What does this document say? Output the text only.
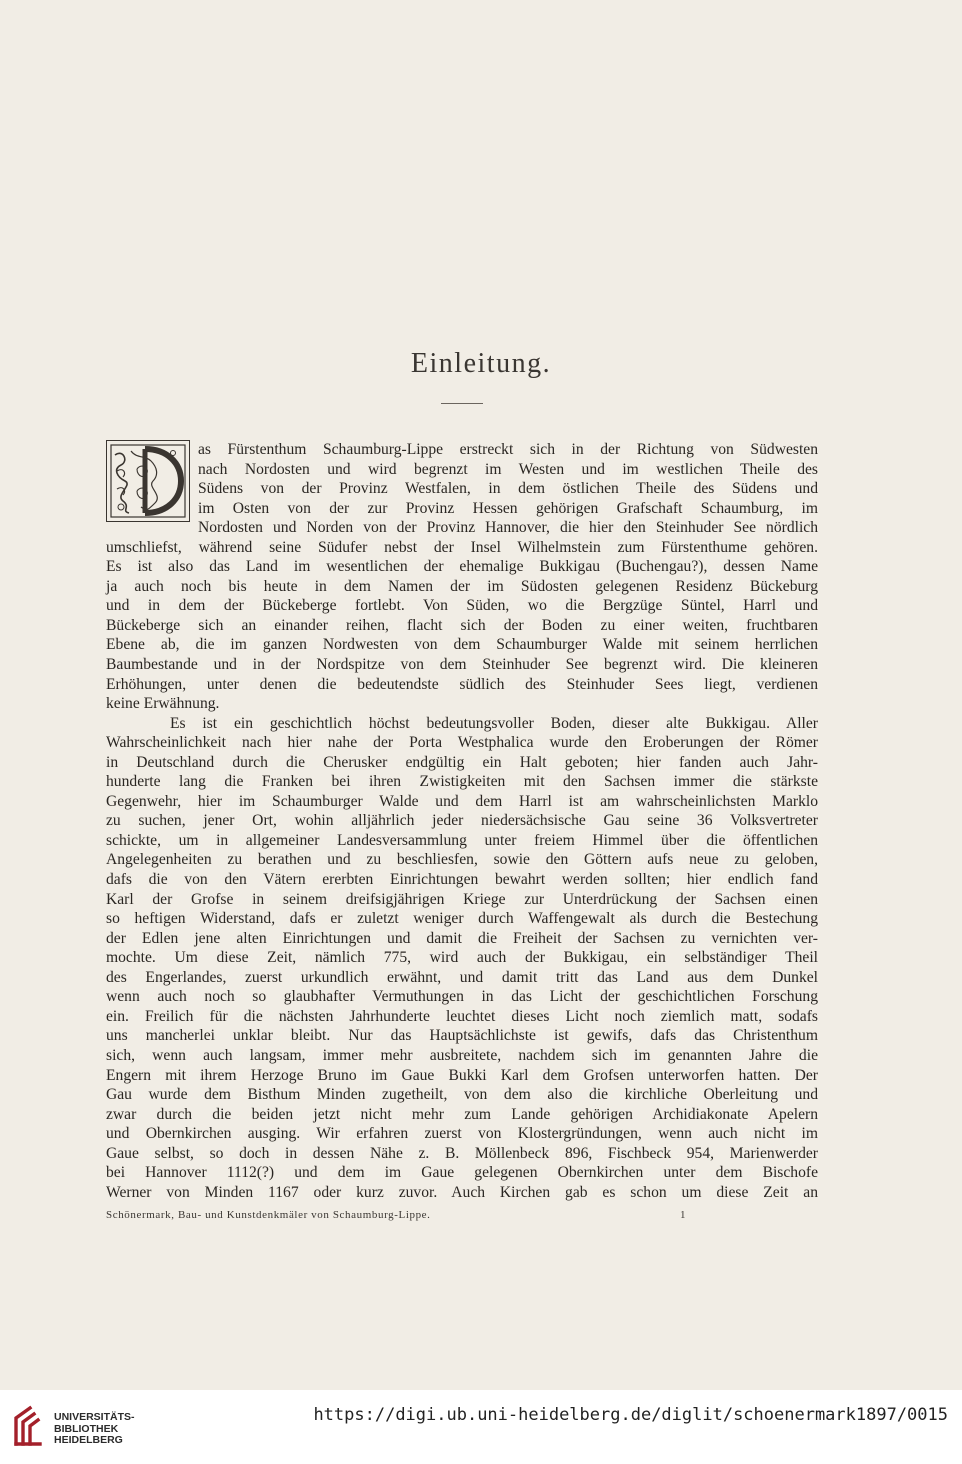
Einleitung.
as Fürstenthum Schaumburg-Lippe erstreckt sich in der Richtung von Südwesten
nach Nordosten und wird begrenzt im Westen und im westlichen Theile des
Südens von der Provinz Westfalen, in dem östlichen Theile des Südens und
im Osten von der zur Provinz Hessen gehörigen Grafschaft Schaumburg, im
Nordosten und Norden von der Provinz Hannover, die hier den Steinhuder See nördlich
umschliefst, während seine Südufer nebst der Insel Wilhelmstein zum Fürstenthume gehören.
Es ist also das Land im wesentlichen der ehemalige Bukkigau (Buchengau?), dessen Name
ja auch noch bis heute in dem Namen der im Südosten gelegenen Residenz Bückeburg
und in dem der Bückeberge fortlebt. Von Süden, wo die Bergzüge Süntel, Harrl und
Bückeberge sich an einander reihen, flacht sich der Boden zu einer weiten, fruchtbaren
Ebene ab, die im ganzen Nordwesten von dem Schaumburger Walde mit seinem herrlichen
Baumbestande und in der Nordspitze von dem Steinhuder See begrenzt wird. Die kleineren
Erhöhungen, unter denen die bedeutendste südlich des Steinhuder Sees liegt, verdienen
keine Erwähnung.
Es ist ein geschichtlich höchst bedeutungsvoller Boden, dieser alte Bukkigau. Aller
Wahrscheinlichkeit nach hier nahe der Porta Westphalica wurde den Eroberungen der Römer
in Deutschland durch die Cherusker endgültig ein Halt geboten; hier fanden auch Jahr-
hunderte lang die Franken bei ihren Zwistigkeiten mit den Sachsen immer die stärkste
Gegenwehr, hier im Schaumburger Walde und dem Harrl ist am wahrscheinlichsten Marklo
zu suchen, jener Ort, wohin alljährlich jeder niedersächsische Gau seine 36 Volksvertreter
schickte, um in allgemeiner Landesversammlung unter freiem Himmel über die öffentlichen
Angelegenheiten zu berathen und zu beschliesfen, sowie den Göttern aufs neue zu geloben,
dafs die von den Vätern ererbten Einrichtungen bewahrt werden sollten; hier endlich fand
Karl der Grofse in seinem dreifsigjährigen Kriege zur Unterdrückung der Sachsen einen
so heftigen Widerstand, dafs er zuletzt weniger durch Waffengewalt als durch die Bestechung
der Edlen jene alten Einrichtungen und damit die Freiheit der Sachsen zu vernichten ver-
mochte. Um diese Zeit, nämlich 775, wird auch der Bukkigau, ein selbständiger Theil
des Engerlandes, zuerst urkundlich erwähnt, und damit tritt das Land aus dem Dunkel
wenn auch noch so glaubhafter Vermuthungen in das Licht der geschichtlichen Forschung
ein. Freilich für die nächsten Jahrhunderte leuchtet dieses Licht noch ziemlich matt, sodafs
uns mancherlei unklar bleibt. Nur das Hauptsächlichste ist gewifs, dafs das Christenthum
sich, wenn auch langsam, immer mehr ausbreitete, nachdem sich im genannten Jahre die
Engern mit ihrem Herzoge Bruno im Gaue Bukki Karl dem Grofsen unterworfen hatten. Der
Gau wurde dem Bisthum Minden zugetheilt, von dem also die kirchliche Oberleitung und
zwar durch die beiden jetzt nicht mehr zum Lande gehörigen Archidiakonate Apelern
und Obernkirchen ausging. Wir erfahren zuerst von Klostergründungen, wenn auch nicht im
Gaue selbst, so doch in dessen Nähe z. B. Möllenbeck 896, Fischbeck 954, Marienwerder
bei Hannover 1112(?) und dem im Gaue gelegenen Obernkirchen unter dem Bischofe
Werner von Minden 1167 oder kurz zuvor. Auch Kirchen gab es schon um diese Zeit an
Schönermark, Bau- und Kunstdenkmäler von Schaumburg-Lippe.	1
UNIVERSITÄTS-
BIBLIOTHEK
HEIDELBERG
https://digi.ub.uni-heidelberg.de/diglit/schoenermark1897/0015
